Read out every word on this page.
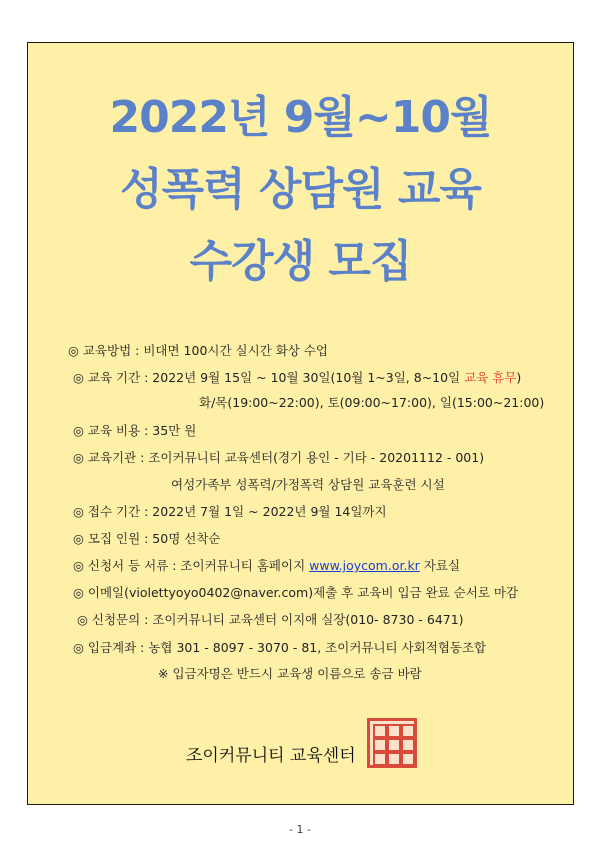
2022년 9월~10월
성폭력 상담원 교육
수강생 모집
◎ 교육방법 : 비대면 100시간 실시간 화상 수업
◎ 교육 기간 : 2022년 9월 15일 ~ 10월 30일(10월 1~3일, 8~10일 교육 휴무)
화/목(19:00~22:00), 토(09:00~17:00), 일(15:00~21:00)
◎ 교육 비용 : 35만 원
◎ 교육기관 : 조이커뮤니티 교육센터(경기 용인 - 기타 - 20201112 - 001)
여성가족부 성폭력/가정폭력 상담원 교육훈련 시설
◎ 접수 기간 : 2022년 7월 1일 ~ 2022년 9월 14일까지
◎ 모집 인원 : 50명 선착순
◎ 신청서 등 서류 : 조이커뮤니티 홈페이지 www.joycom.or.kr 자료실
◎ 이메일(violettyoyo0402@naver.com)제출 후 교육비 입금 완료 순서로 마감
◎ 신청문의 : 조이커뮤니티 교육센터 이지애 실장(010- 8730 - 6471)
◎ 입금계좌 : 농협 301 - 8097 - 3070 - 81, 조이커뮤니티 사회적협동조합
※ 입금자명은 반드시 교육생 이름으로 송금 바람
조이커뮤니티 교육센터
- 1 -
